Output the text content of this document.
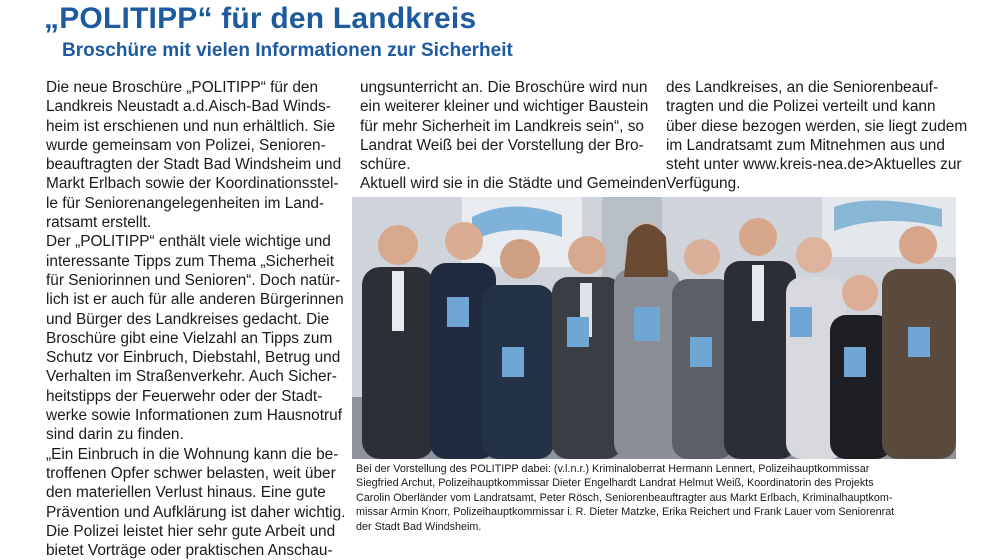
„POLITIPP“ für den Landkreis
Broschüre mit vielen Informationen zur Sicherheit

Die neue Broschüre „POLITIPP“ für den

Landkreis Neustadt a.d.Aisch-Bad Winds-

heim ist erschienen und nun erhältlich. Sie

wurde gemeinsam von Polizei, Senioren-

beauftragten der Stadt Bad Windsheim und

Markt Erlbach sowie der Koordinationsstel-

le für Seniorenangelegenheiten im Land-

ratsamt erstellt.

Der „POLITIPP“ enthält viele wichtige und

interessante Tipps zum Thema „Sicherheit

für Seniorinnen und Senioren“. Doch natür-

lich ist er auch für alle anderen Bürgerinnen

und Bürger des Landkreises gedacht. Die

Broschüre gibt eine Vielzahl an Tipps zum

Schutz vor Einbruch, Diebstahl, Betrug und

Verhalten im Straßenverkehr. Auch Sicher-

heitstipps der Feuerwehr oder der Stadt-

werke sowie Informationen zum Hausnotruf

sind darin zu finden.

„Ein Einbruch in die Wohnung kann die be-

troffenen Opfer schwer belasten, weit über

den materiellen Verlust hinaus. Eine gute

Prävention und Aufklärung ist daher wichtig.

Die Polizei leistet hier sehr gute Arbeit und

bietet Vorträge oder praktischen Anschau-

ungsunterricht an. Die Broschüre wird nun

ein weiterer kleiner und wichtiger Baustein

für mehr Sicherheit im Landkreis sein“, so

Landrat Weiß bei der Vorstellung der Bro-

schüre.

Aktuell wird sie in die Städte und Gemeinden

des Landkreises, an die Seniorenbeauf-

tragten und die Polizei verteilt und kann

über diese bezogen werden, sie liegt zudem

im Landratsamt zum Mitnehmen aus und

steht unter www.kreis-nea.de>Aktuelles zur

Verfügung.

Bei der Vorstellung des POLITIPP dabei: (v.l.n.r.) Kriminaloberrat Hermann Lennert, Polizeihauptkommissar

Siegfried Archut, Polizeihauptkommissar Dieter Engelhardt Landrat Helmut Weiß, Koordinatorin des Projekts

Carolin Oberländer vom Landratsamt, Peter Rösch, Seniorenbeauftragter aus Markt Erlbach, Kriminalhauptkom-

missar Armin Knorr, Polizeihauptkommissar i. R. Dieter Matzke, Erika Reichert und Frank Lauer vom Seniorenrat

der Stadt Bad Windsheim.
